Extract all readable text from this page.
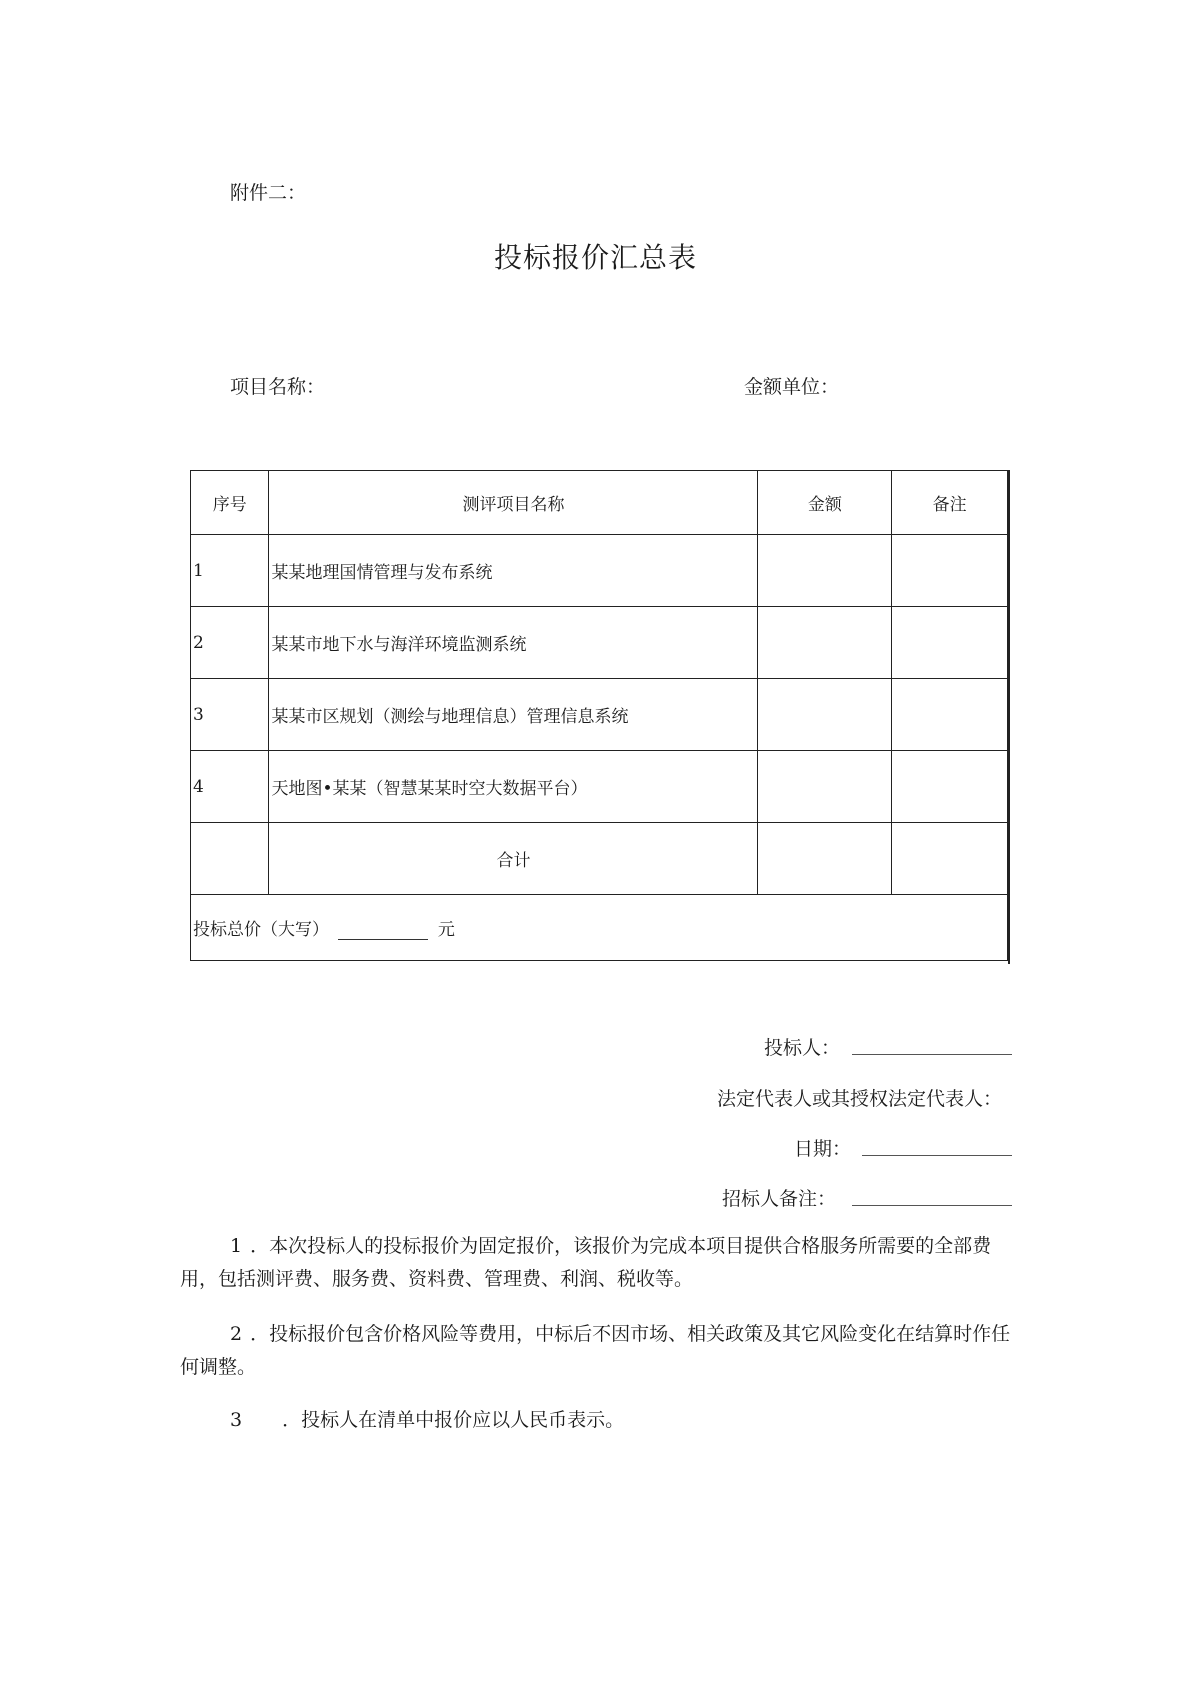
附件二：
投标报价汇总表
项目名称：	金额单位：
序号	测评项目名称	金额	备注
1	某某地理国情管理与发布系统		
2	某某市地下水与海洋环境监测系统		
3	某某市区规划（测绘与地理信息）管理信息系统		
4	天地图•某某（智慧某某时空大数据平台）		
	合计		
投标总价（大写） 元			
投标人：
法定代表人或其授权法定代表人：
日期：
招标人备注：
1 ．本次投标人的投标报价为固定报价，该报价为完成本项目提供合格服务所需要的全部费用，包括测评费、服务费、资料费、管理费、利润、税收等。
2 ．投标报价包含价格风险等费用，中标后不因市场、相关政策及其它风险变化在结算时作任何调整。
3 ．投标人在清单中报价应以人民币表示。
